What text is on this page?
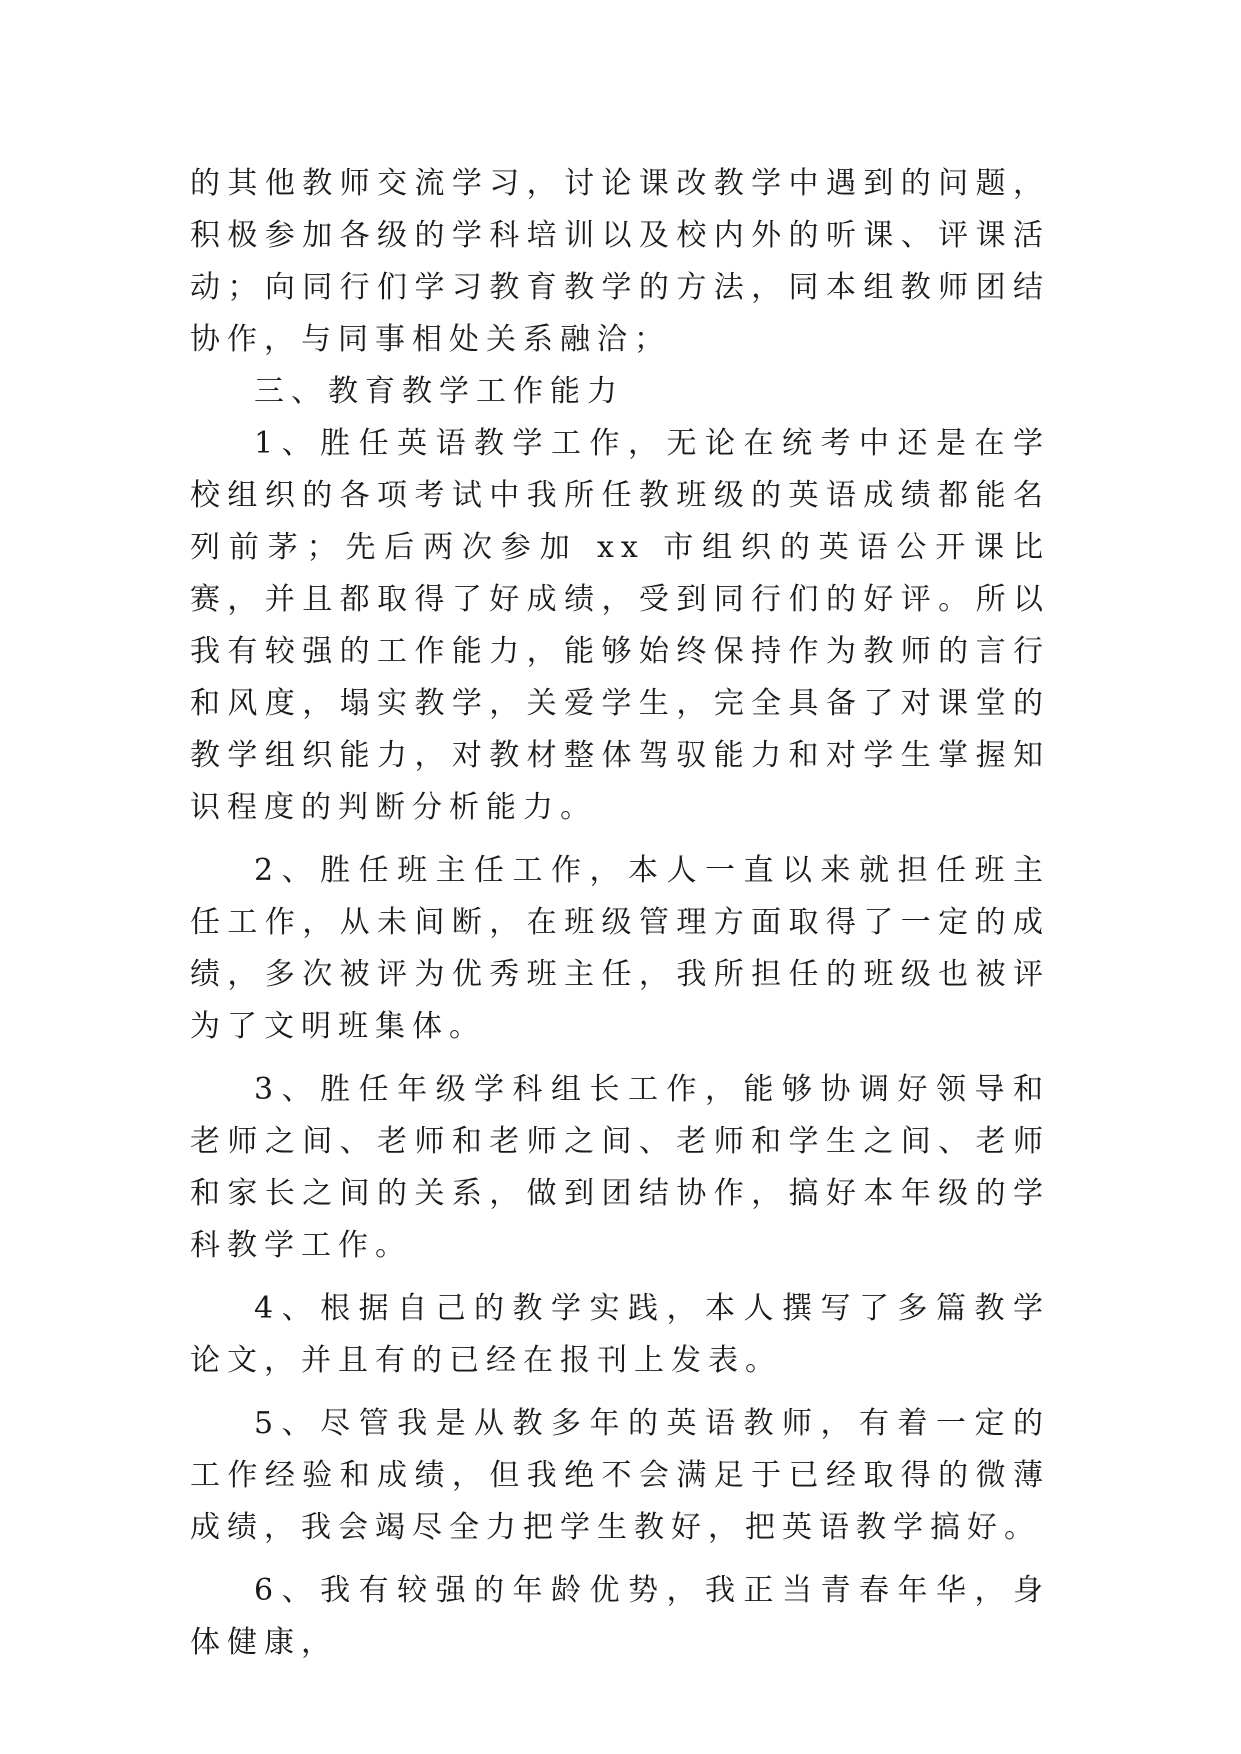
的其他教师交流学习，讨论课改教学中遇到的问题，积极参加各级的学科培训以及校内外的听课、评课活动；向同行们学习教育教学的方法，同本组教师团结协作，与同事相处关系融洽；

三、教育教学工作能力

1、胜任英语教学工作，无论在统考中还是在学校组织的各项考试中我所任教班级的英语成绩都能名列前茅；先后两次参加 xx 市组织的英语公开课比赛，并且都取得了好成绩，受到同行们的好评。所以我有较强的工作能力，能够始终保持作为教师的言行和风度，塌实教学，关爱学生，完全具备了对课堂的教学组织能力，对教材整体驾驭能力和对学生掌握知识程度的判断分析能力。

2、胜任班主任工作，本人一直以来就担任班主任工作，从未间断，在班级管理方面取得了一定的成绩，多次被评为优秀班主任，我所担任的班级也被评为了文明班集体。

3、胜任年级学科组长工作，能够协调好领导和老师之间、老师和老师之间、老师和学生之间、老师和家长之间的关系，做到团结协作，搞好本年级的学科教学工作。

4、根据自己的教学实践，本人撰写了多篇教学论文，并且有的已经在报刊上发表。

5、尽管我是从教多年的英语教师，有着一定的工作经验和成绩，但我绝不会满足于已经取得的微薄成绩，我会竭尽全力把学生教好，把英语教学搞好。

6、我有较强的年龄优势，我正当青春年华，身体健康，
